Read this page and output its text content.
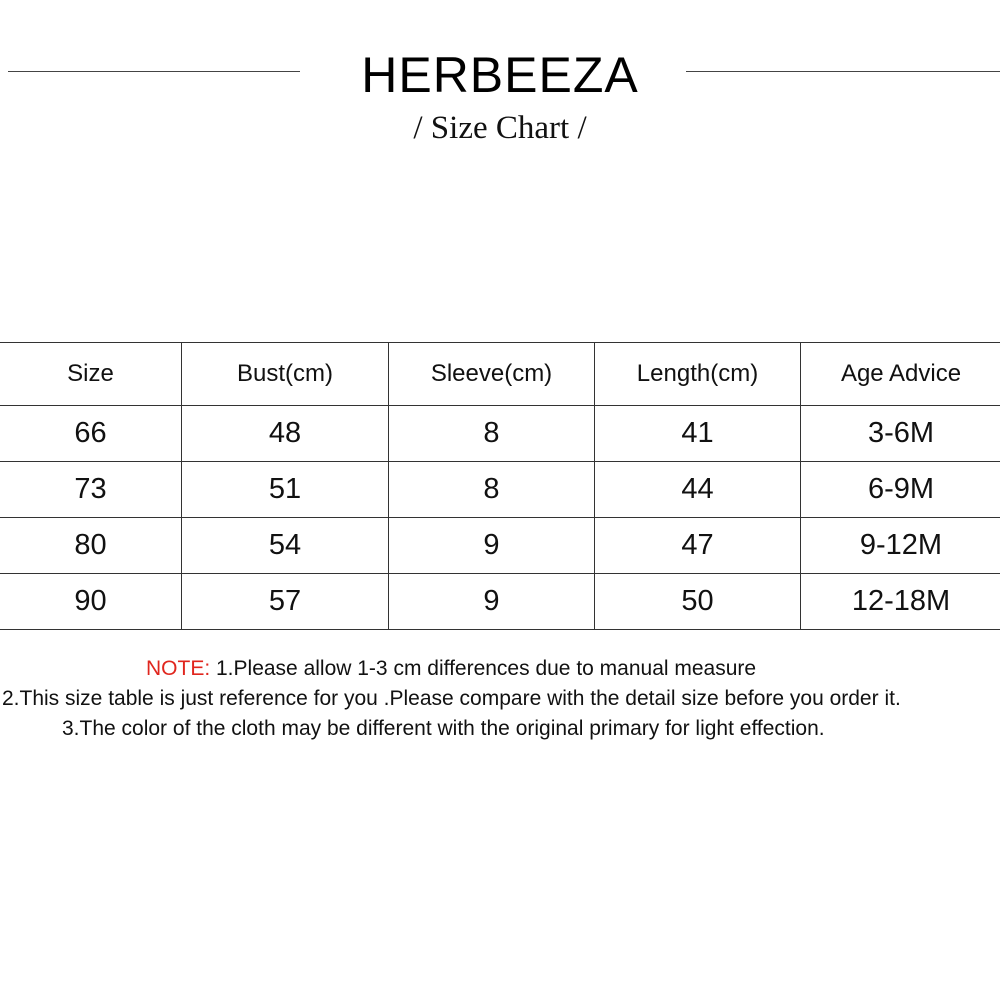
HERBEEZA
/ Size Chart /
Size	Bust(cm)	Sleeve(cm)	Length(cm)	Age Advice
66	48	8	41	3-6M
73	51	8	44	6-9M
80	54	9	47	9-12M
90	57	9	50	12-18M
NOTE: 1.Please allow 1-3 cm differences due to manual measure
2.This size table is just reference for you .Please compare with the detail size before you order it.
3.The color of the cloth may be different with the original primary for light effection.
